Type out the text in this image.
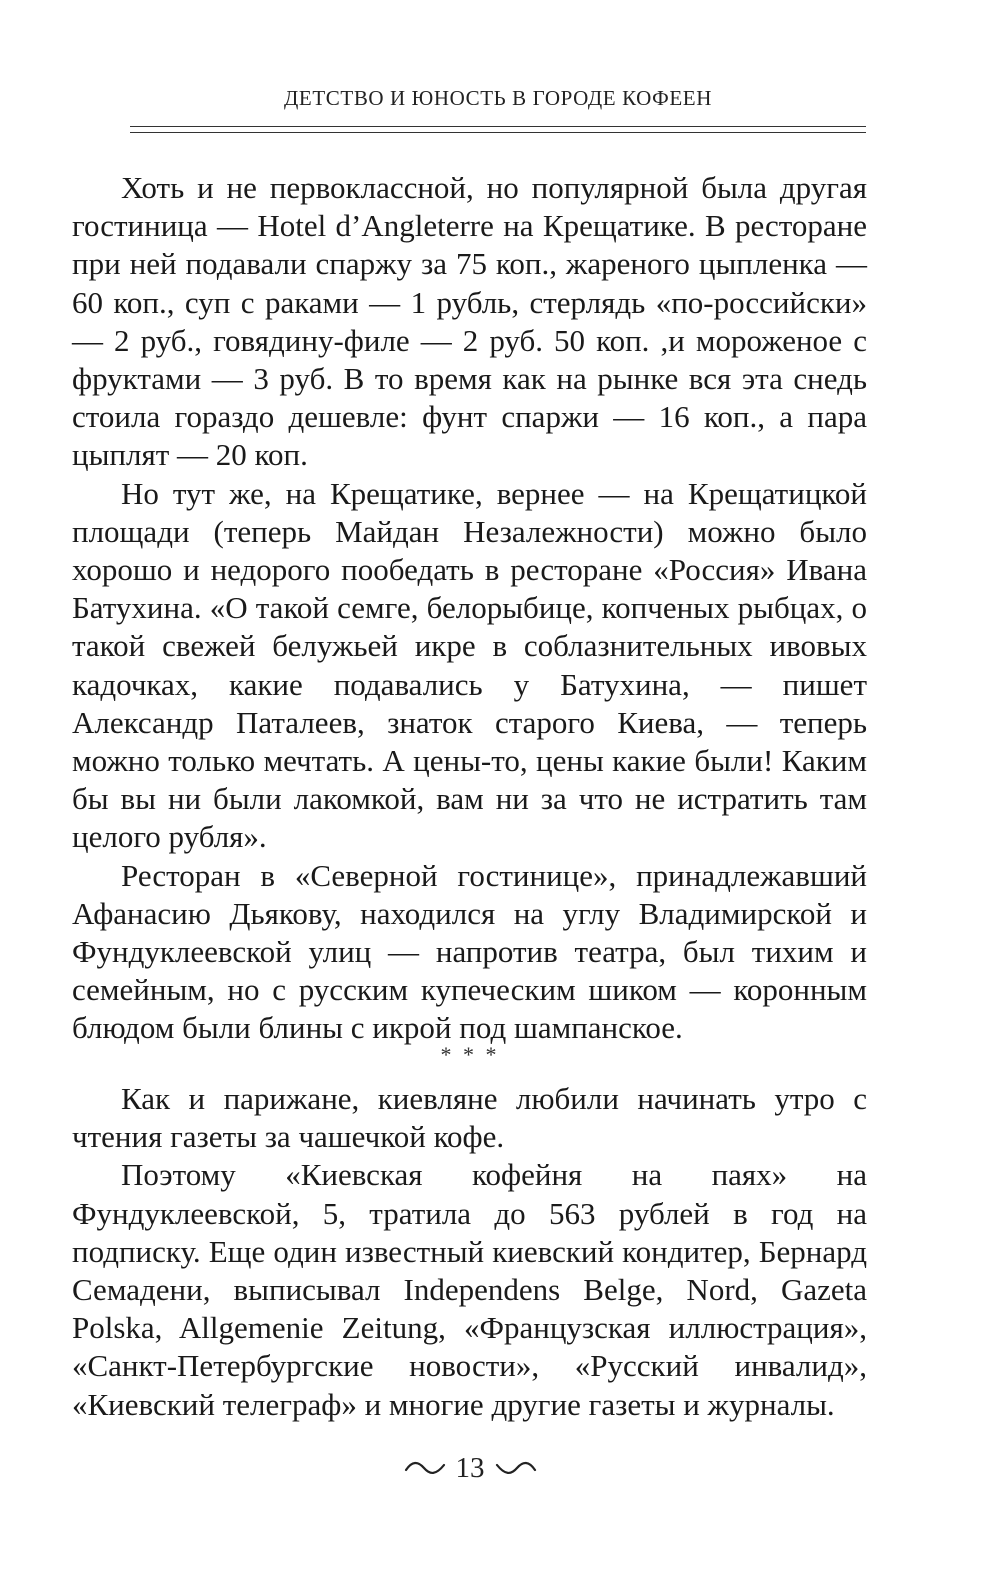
ДЕТСТВО И ЮНОСТЬ В ГОРОДЕ КОФЕЕН

Хоть и не первоклассной, но популярной была другая гостиница — Hotel d’Angleterre на Крещатике. В ресторане при ней подавали спаржу за 75 коп., жареного цыпленка — 60 коп., суп с раками — 1 рубль, стерлядь «по-российски» — 2 руб., говядину-филе — 2 руб. 50 коп. ,и мороженое с фруктами — 3 руб. В то время как на рынке вся эта снедь стоила гораздо дешевле: фунт спаржи — 16 коп., а пара цыплят — 20 коп.

Но тут же, на Крещатике, вернее — на Крещатицкой площади (теперь Майдан Незалежности) можно было хорошо и недорого пообедать в ресторане «Россия» Ивана Батухина. «О такой семге, белорыбице, копченых рыбцах, о такой свежей белужьей икре в соблазнительных ивовых кадочках, какие подавались у Батухина, — пишет Александр Паталеев, знаток старого Киева, — теперь можно только мечтать. А цены-то, цены какие были! Каким бы вы ни были лакомкой, вам ни за что не истратить там целого рубля».

Ресторан в «Северной гостинице», принадлежавший Афанасию Дьякову, находился на углу Владимирской и Фундуклеевской улиц — напротив театра, был тихим и семейным, но с русским купеческим шиком — коронным блюдом были блины с икрой под шампанское.

* * *

Как и парижане, киевляне любили начинать утро с чтения газеты за чашечкой кофе.

Поэтому «Киевская кофейня на паях» на Фундуклеевской, 5, тратила до 563 рублей в год на подписку. Еще один известный киевский кондитер, Бернард Семадени, выписывал Independens Belge, Nord, Gazeta Polska, Allgemenie Zeitung, «Французская иллюстрация», «Санкт-Петербургские новости», «Русский инвалид», «Киевский телеграф» и многие другие газеты и журналы.

13
